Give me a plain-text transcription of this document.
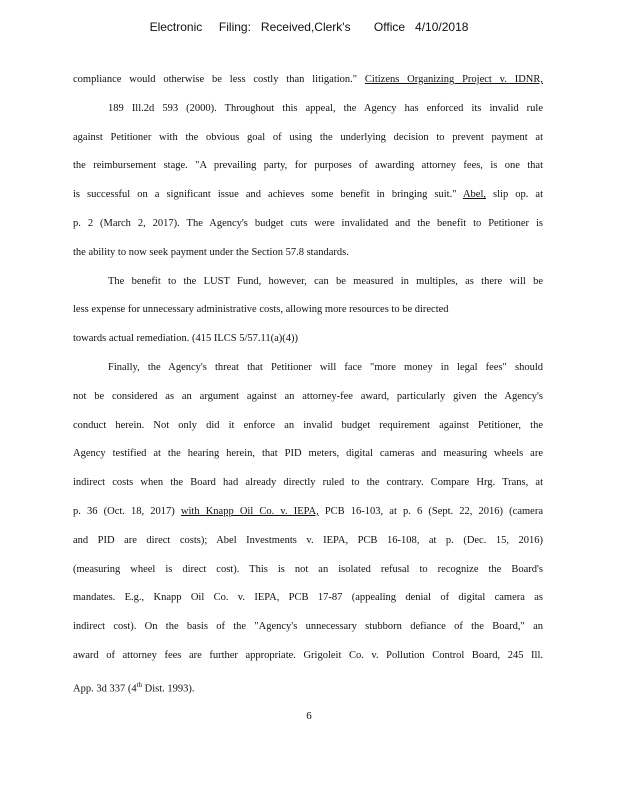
Electronic     Filing:   Received,Clerk's       Office   4/10/2018
compliance would otherwise be less costly than litigation." Citizens Organizing Project v. IDNR,
189 Ill.2d 593 (2000). Throughout this appeal, the Agency has enforced its invalid rule
against Petitioner with the obvious goal of using the underlying decision to prevent payment at
the reimbursement stage. "A prevailing party, for purposes of awarding attorney fees, is one that
is successful on a significant issue and achieves some benefit in bringing suit." Abel, slip op. at
p. 2 (March 2, 2017). The Agency's budget cuts were invalidated and the benefit to Petitioner is
the ability to now seek payment under the Section 57.8 standards.
The benefit to the LUST Fund, however, can be measured in multiples, as there will be
less expense for unnecessary administrative costs, allowing more resources to be directed
towards actual remediation. (415 ILCS 5/57.11(a)(4))
Finally, the Agency's threat that Petitioner will face "more money in legal fees" should
not be considered as an argument against an attorney-fee award, particularly given the Agency's
conduct herein. Not only did it enforce an invalid budget requirement against Petitioner, the
Agency testified at the hearing herein, that PID meters, digital cameras and measuring wheels are
indirect costs when the Board had already directly ruled to the contrary. Compare Hrg. Trans, at
p. 36 (Oct. 18, 2017) with Knapp Oil Co. v. IEPA, PCB 16-103, at p. 6 (Sept. 22, 2016) (camera
and PID are direct costs); Abel Investments v. IEPA, PCB 16-108, at p. (Dec. 15, 2016)
(measuring wheel is direct cost). This is not an isolated refusal to recognize the Board's
mandates. E.g., Knapp Oil Co. v. IEPA, PCB 17-87 (appealing denial of digital camera as
indirect cost). On the basis of the "Agency's unnecessary stubborn defiance of the Board," an
award of attorney fees are further appropriate. Grigoleit Co. v. Pollution Control Board, 245 Ill.
App. 3d 337 (4th Dist. 1993).
6
